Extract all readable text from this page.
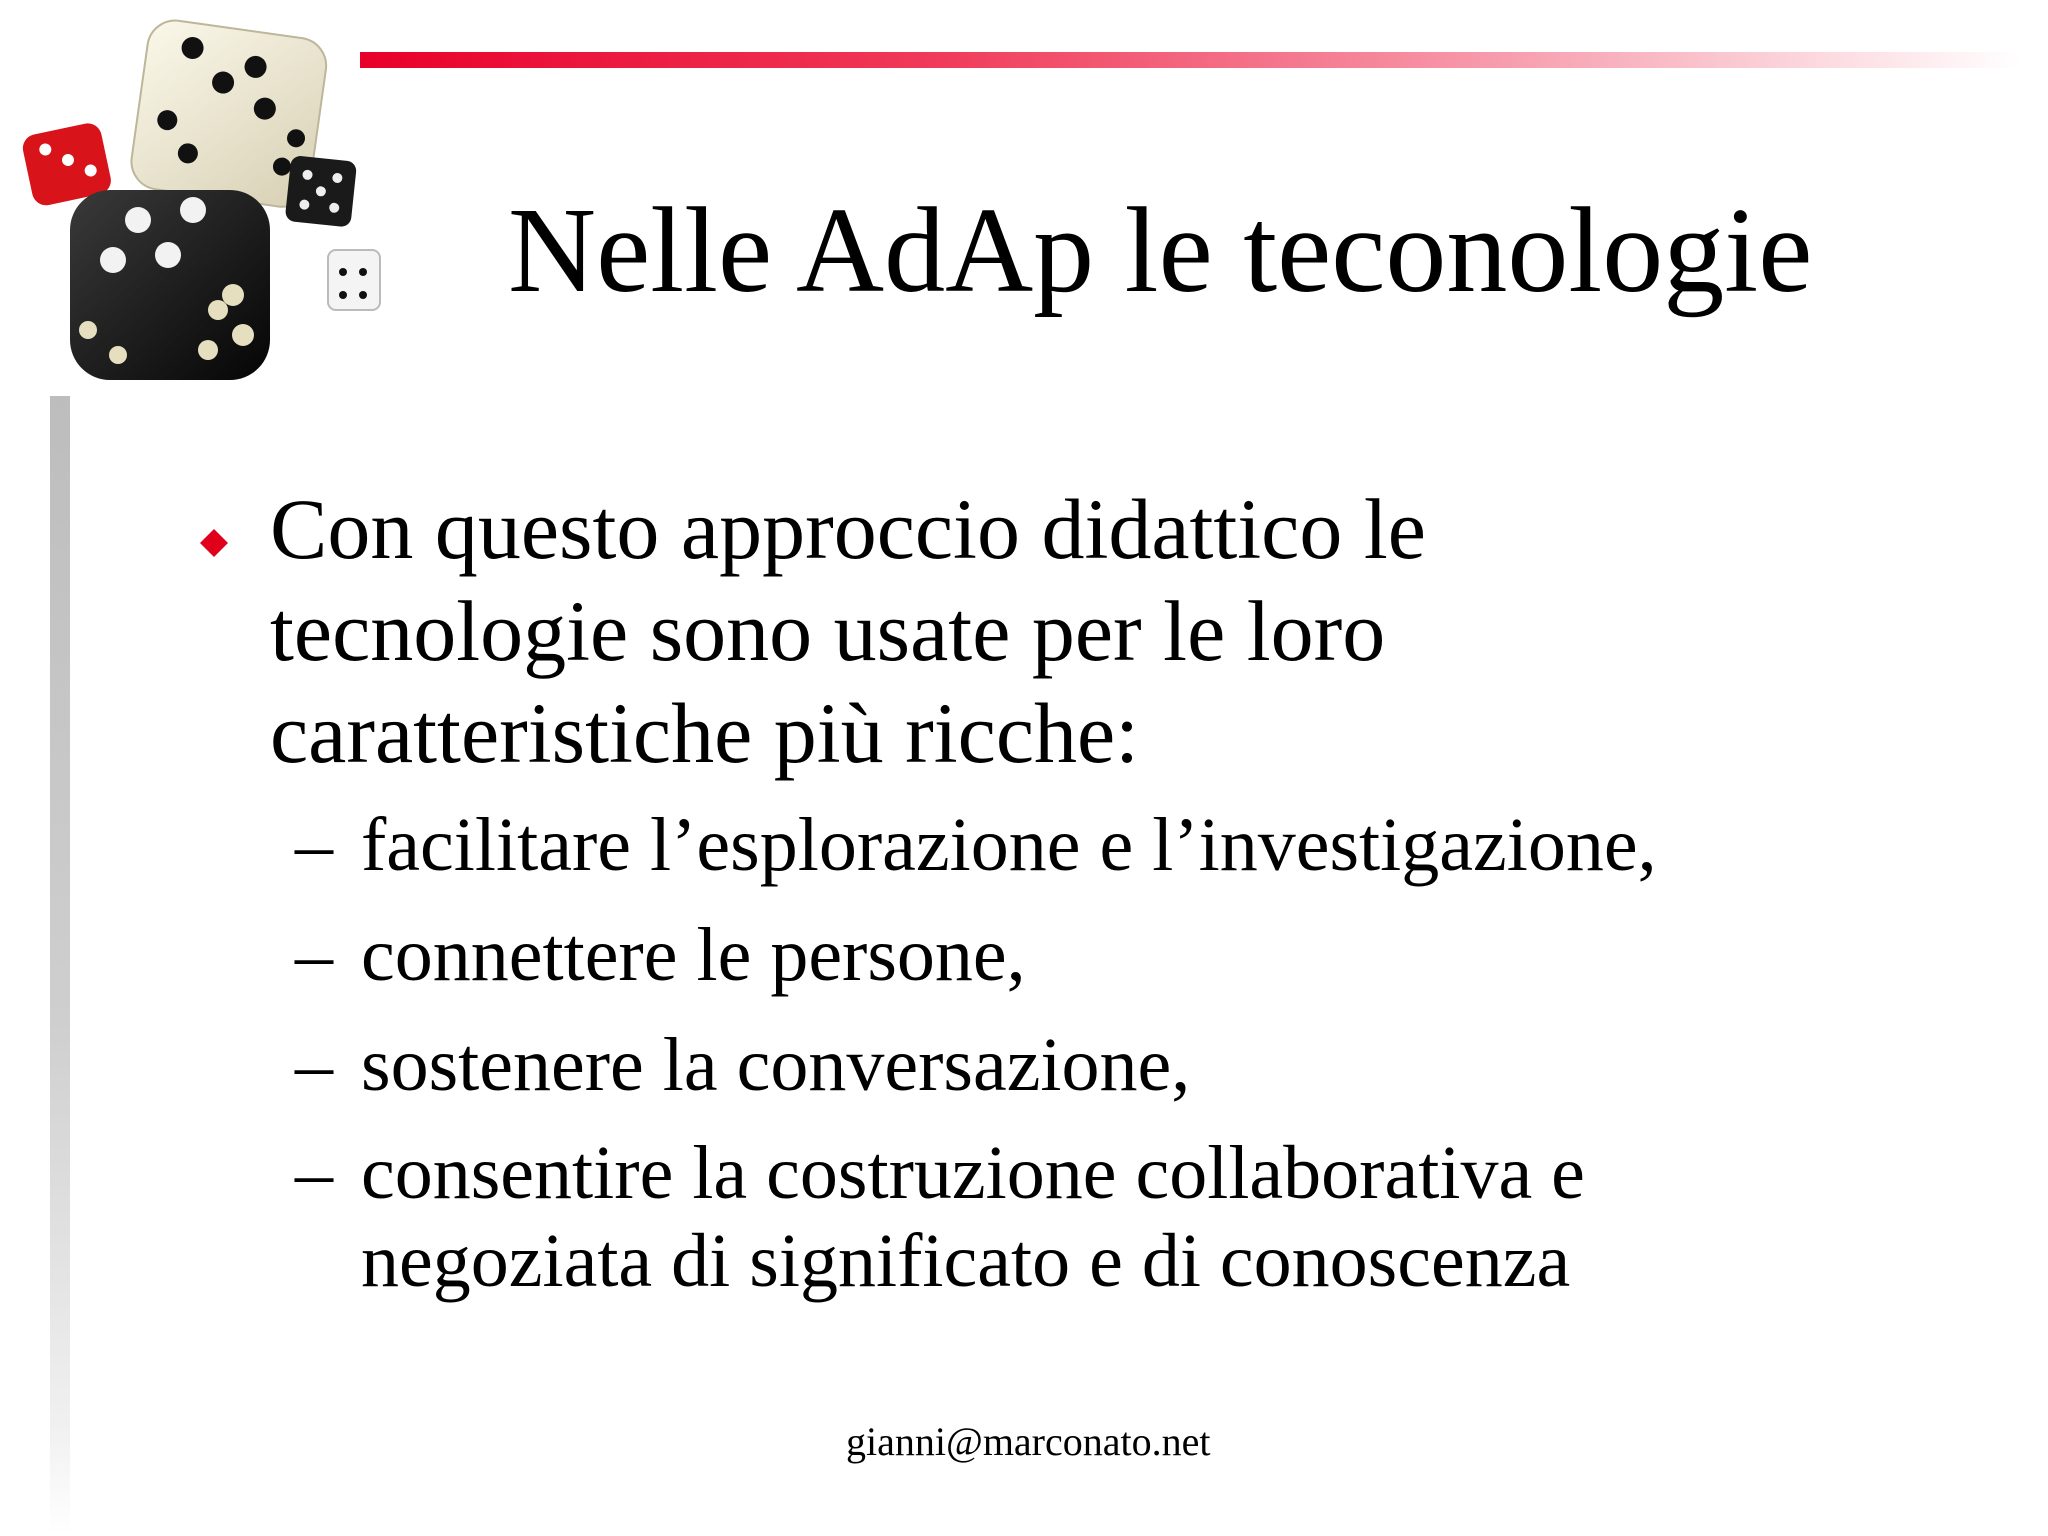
Nelle AdAp le teconologie
Con questo approccio didattico le
tecnologie sono usate per le loro
caratteristiche più ricche:
– facilitare l’esplorazione e l’investigazione,
– connettere le persone,
– sostenere la conversazione,
– consentire la costruzione collaborativa e
negoziata di significato e di conoscenza
gianni@marconato.net
